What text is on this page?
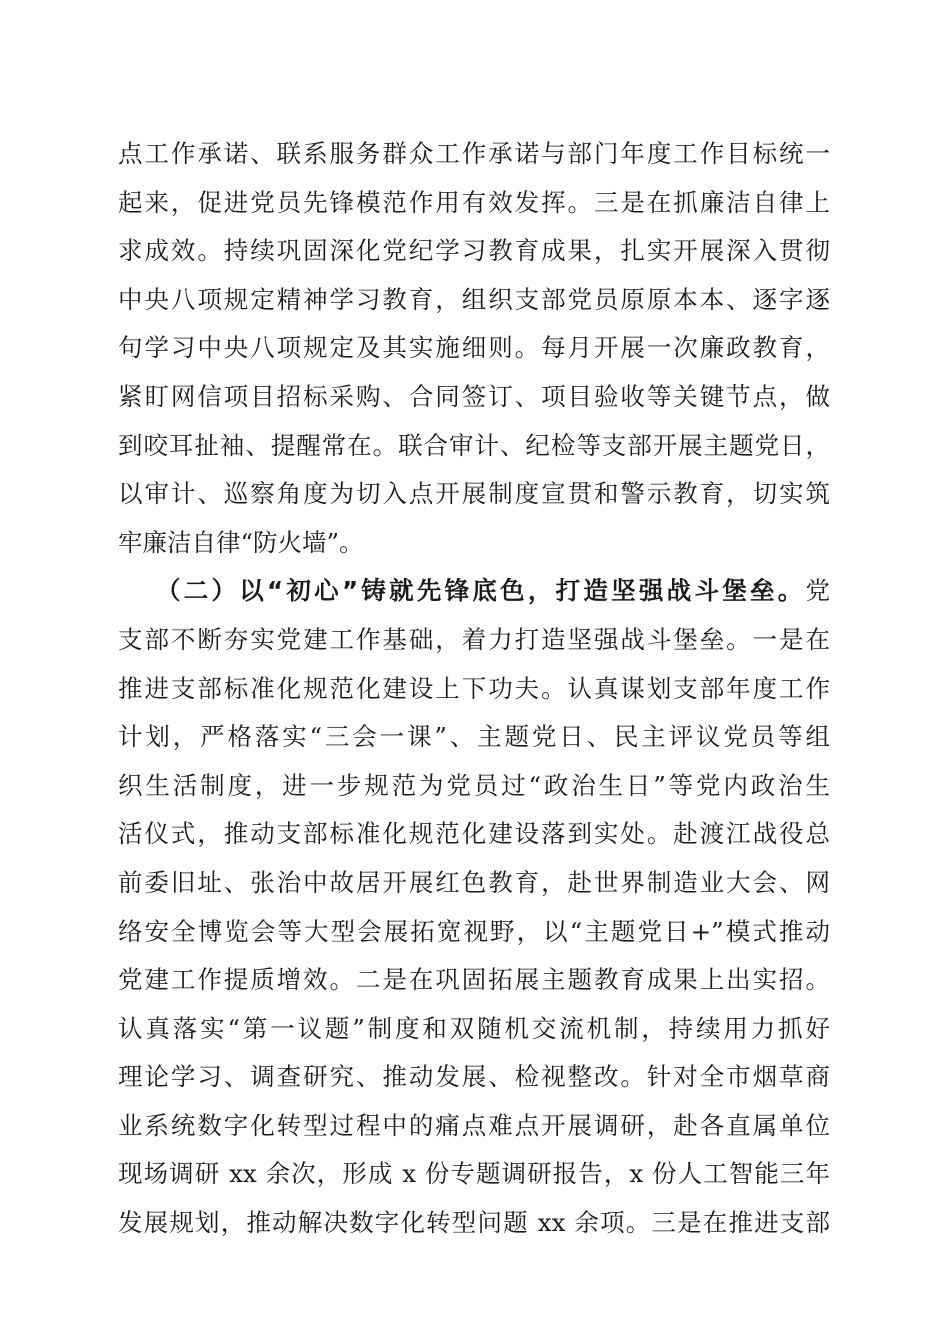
点工作承诺、联系服务群众工作承诺与部门年度工作目标统一
起来，促进党员先锋模范作用有效发挥。三是在抓廉洁自律上
求成效。持续巩固深化党纪学习教育成果，扎实开展深入贯彻
中央八项规定精神学习教育，组织支部党员原原本本、逐字逐
句学习中央八项规定及其实施细则。每月开展一次廉政教育，
紧盯网信项目招标采购、合同签订、项目验收等关键节点，做
到咬耳扯袖、提醒常在。联合审计、纪检等支部开展主题党日，
以审计、巡察角度为切入点开展制度宣贯和警示教育，切实筑
牢廉洁自律“防火墙”。
（二）以“初心”铸就先锋底色，打造坚强战斗堡垒。党
支部不断夯实党建工作基础，着力打造坚强战斗堡垒。一是在
推进支部标准化规范化建设上下功夫。认真谋划支部年度工作
计划，严格落实“三会一课”、主题党日、民主评议党员等组
织生活制度，进一步规范为党员过“政治生日”等党内政治生
活仪式，推动支部标准化规范化建设落到实处。赴渡江战役总
前委旧址、张治中故居开展红色教育，赴世界制造业大会、网
络安全博览会等大型会展拓宽视野，以“主题党日+”模式推动
党建工作提质增效。二是在巩固拓展主题教育成果上出实招。
认真落实“第一议题”制度和双随机交流机制，持续用力抓好
理论学习、调查研究、推动发展、检视整改。针对全市烟草商
业系统数字化转型过程中的痛点难点开展调研，赴各直属单位
现场调研 xx 余次，形成 x 份专题调研报告，x 份人工智能三年
发展规划，推动解决数字化转型问题 xx 余项。三是在推进支部
